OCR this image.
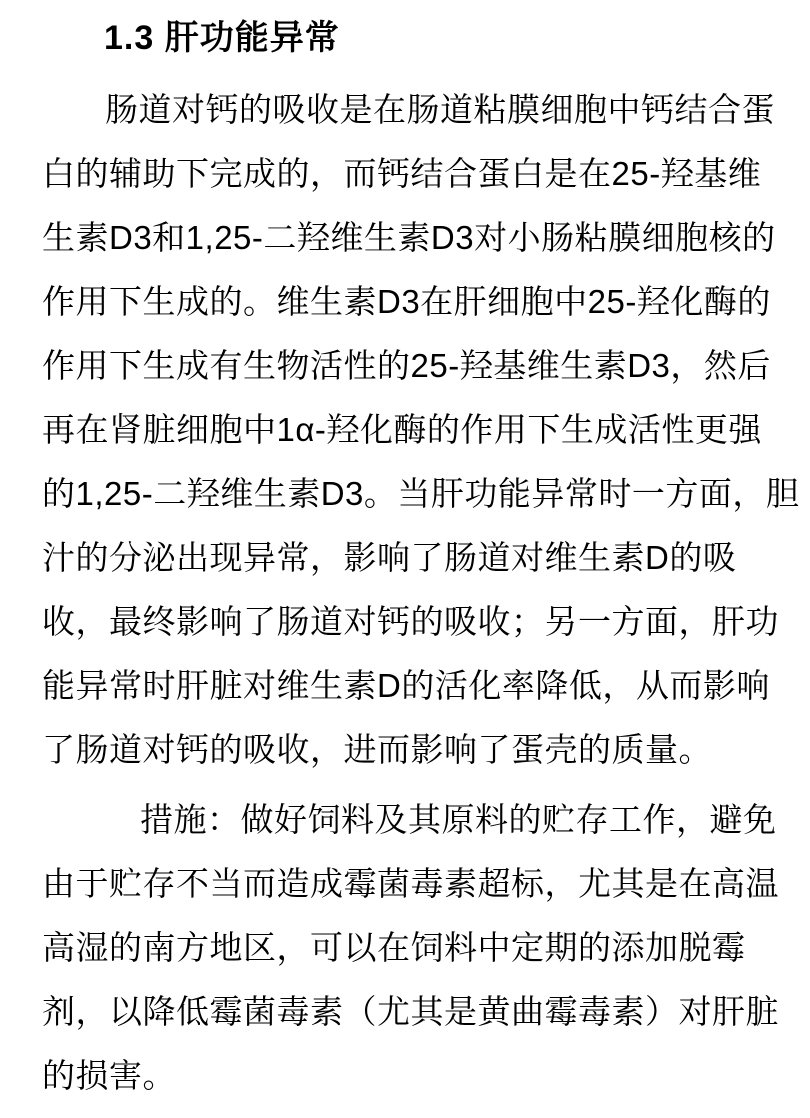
1.3 肝功能异常
肠道对钙的吸收是在肠道粘膜细胞中钙结合蛋
白的辅助下完成的，而钙结合蛋白是在25-羟基维
生素D3和1,25-二羟维生素D3对小肠粘膜细胞核的
作用下生成的。维生素D3在肝细胞中25-羟化酶的
作用下生成有生物活性的25-羟基维生素D3，然后
再在肾脏细胞中1α-羟化酶的作用下生成活性更强
的1,25-二羟维生素D3。当肝功能异常时一方面，胆
汁的分泌出现异常，影响了肠道对维生素D的吸
收，最终影响了肠道对钙的吸收；另一方面，肝功
能异常时肝脏对维生素D的活化率降低，从而影响
了肠道对钙的吸收，进而影响了蛋壳的质量。
措施：做好饲料及其原料的贮存工作，避免
由于贮存不当而造成霉菌毒素超标，尤其是在高温
高湿的南方地区，可以在饲料中定期的添加脱霉
剂，以降低霉菌毒素（尤其是黄曲霉毒素）对肝脏
的损害。
